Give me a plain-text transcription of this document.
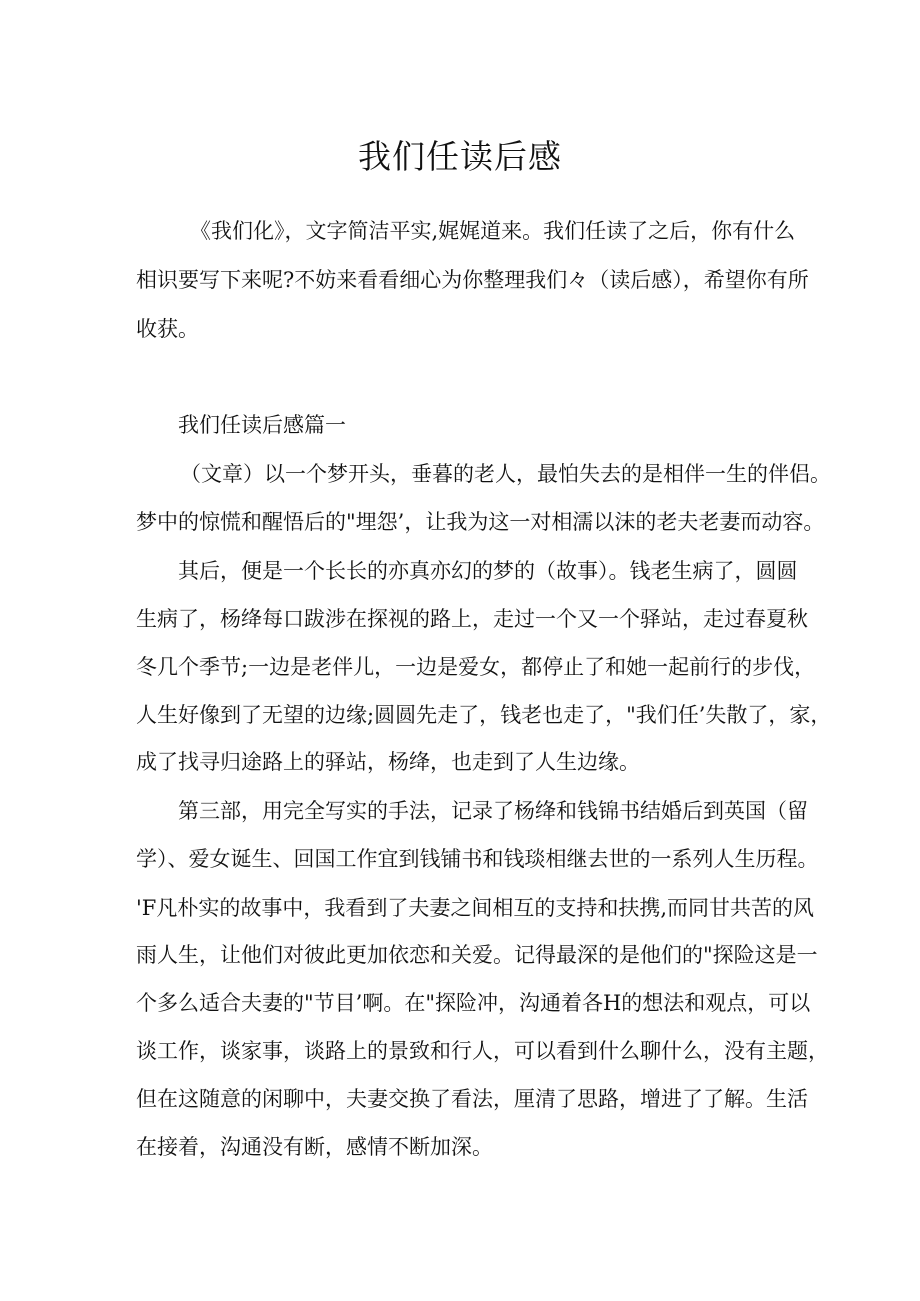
我们任读后感
《我们化》，文字简洁平实,娓娓道来。我们任读了之后，你有什么
相识要写下来呢?不妨来看看细心为你整理我们々（读后感），希望你有所
收获。
我们任读后感篇一
（文章）以一个梦开头，垂暮的老人，最怕失去的是相伴一生的伴侣。
梦中的惊慌和醒悟后的"埋怨’，让我为这一对相濡以沫的老夫老妻而动容。
其后，便是一个长长的亦真亦幻的梦的（故事）。钱老生病了，圆圆
生病了，杨绛每口跋涉在探视的路上，走过一个又一个驿站，走过春夏秋
冬几个季节;一边是老伴儿，一边是爱女，都停止了和她一起前行的步伐，
人生好像到了无望的边缘;圆圆先走了，钱老也走了，"我们任’失散了，家，
成了找寻归途路上的驿站，杨绛，也走到了人生边缘。
第三部，用完全写实的手法，记录了杨绛和钱锦书结婚后到英国（留
学）、爱女诞生、回国工作宜到钱铺书和钱琰相继去世的一系列人生历程。
'F凡朴实的故事中，我看到了夫妻之间相互的支持和扶携,而同甘共苦的风
雨人生，让他们对彼此更加依恋和关爱。记得最深的是他们的"探险这是一
个多么适合夫妻的"节目’啊。在"探险冲，沟通着各H的想法和观点，可以
谈工作，谈家事，谈路上的景致和行人，可以看到什么聊什么，没有主题，
但在这随意的闲聊中，夫妻交换了看法，厘清了思路，增进了了解。生活
在接着，沟通没有断，感情不断加深。
